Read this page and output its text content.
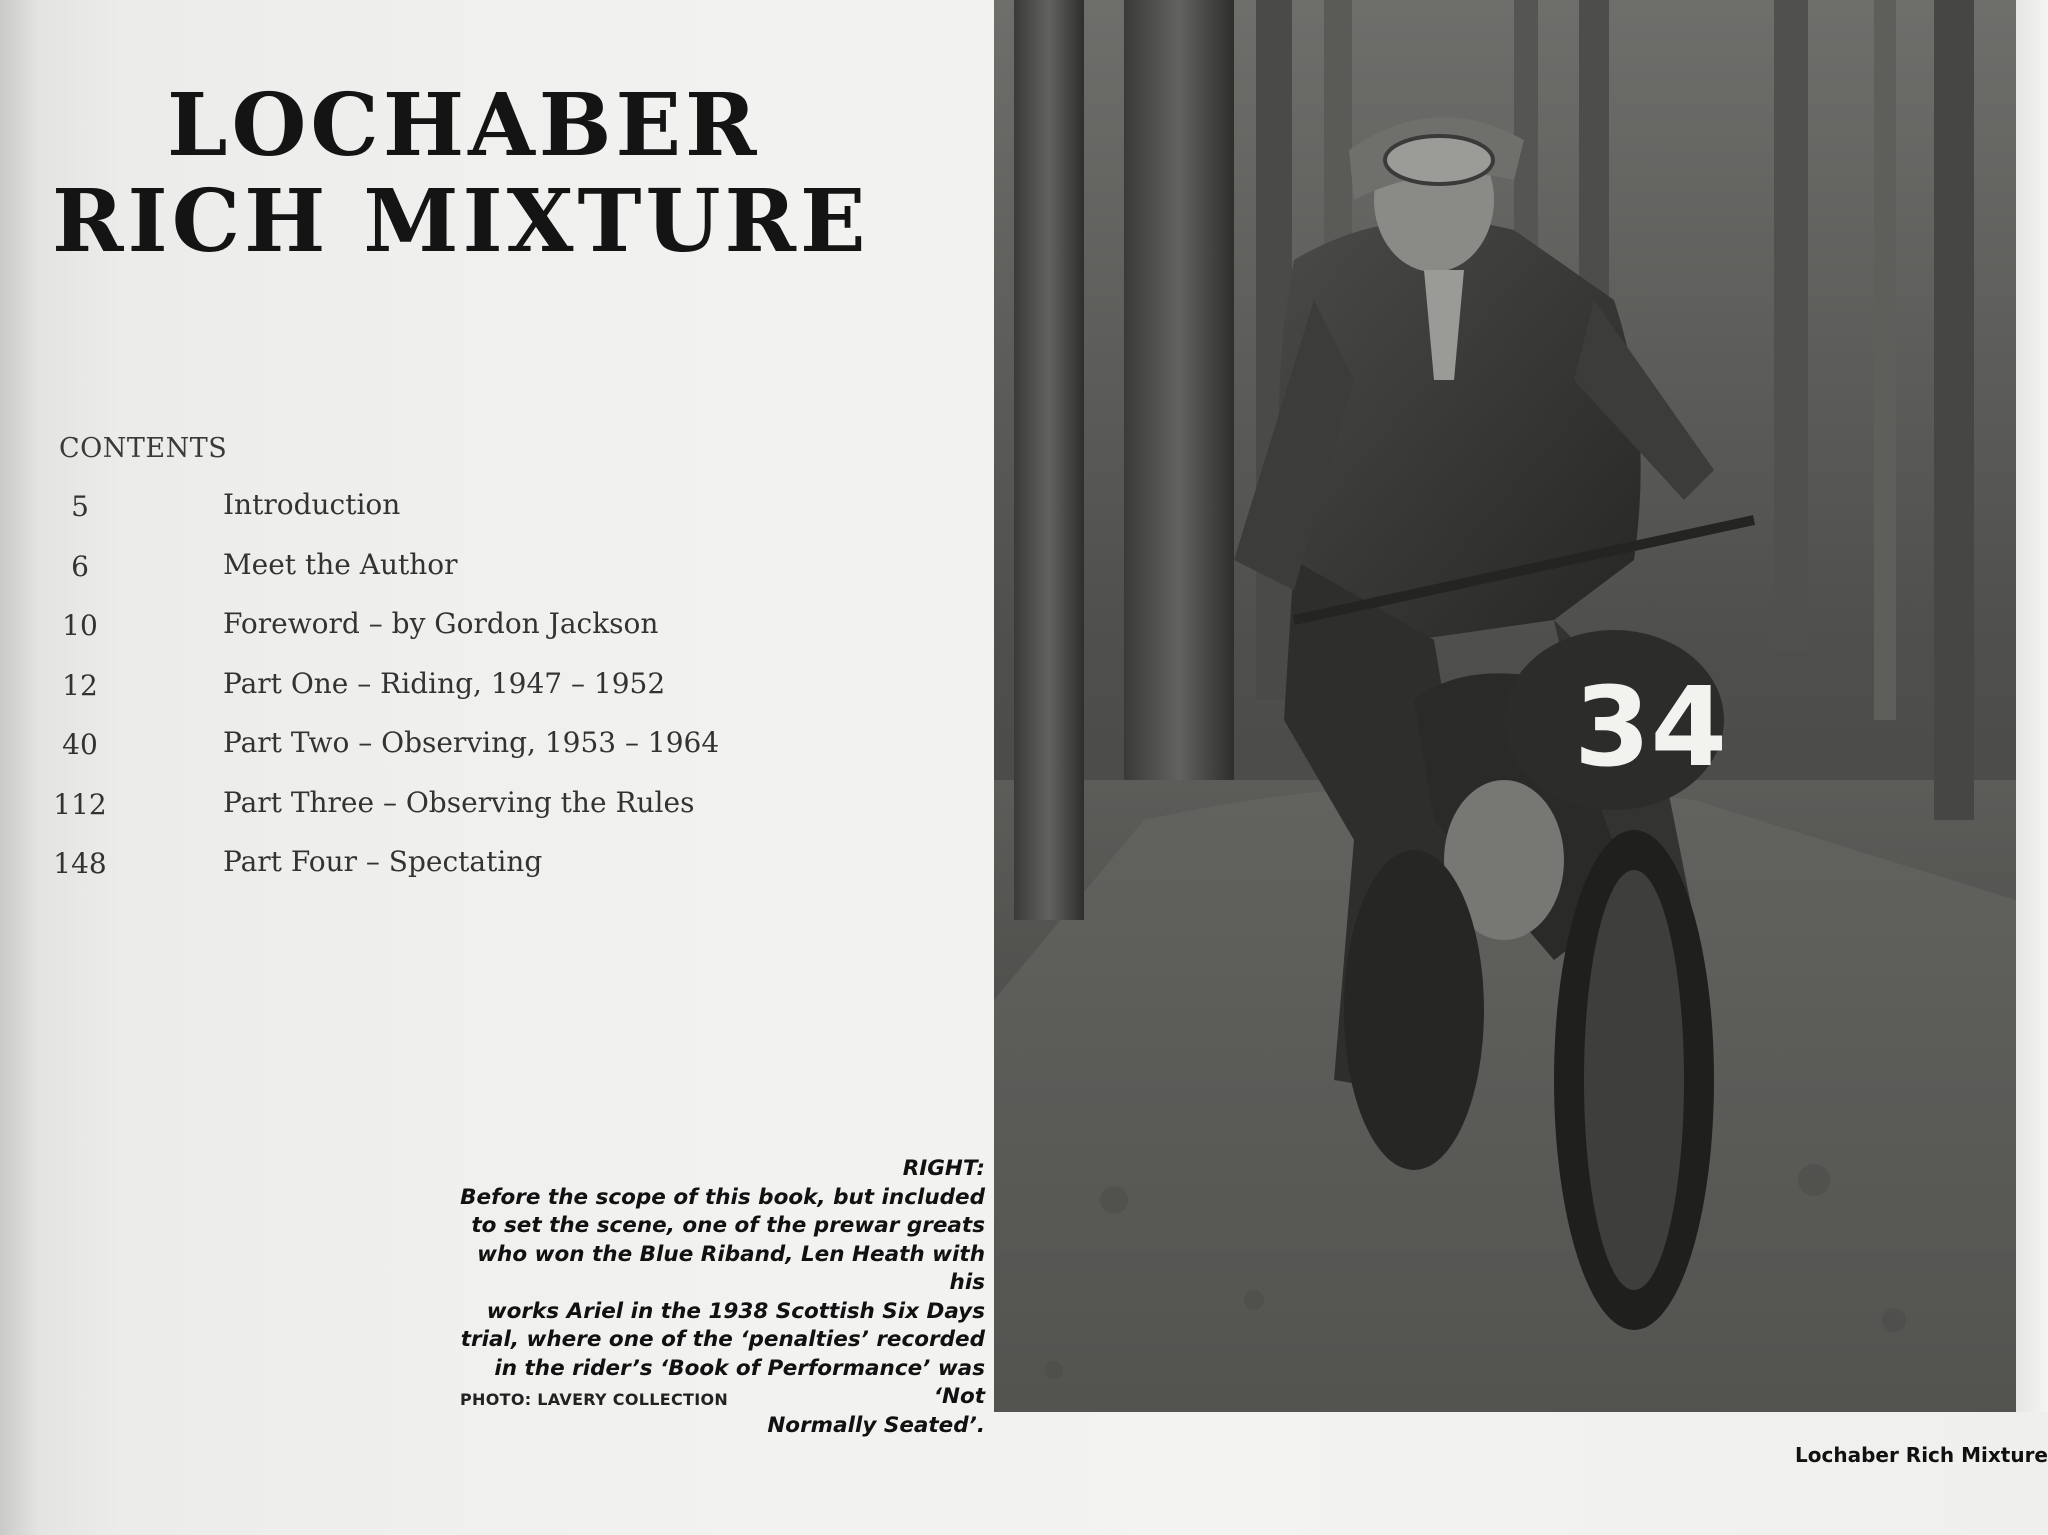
LOCHABER
RICH MIXTURE
CONTENTS
5	Introduction
6	Meet the Author
10	Foreword – by Gordon Jackson
12	Part One – Riding, 1947 – 1952
40	Part Two – Observing, 1953 – 1964
112	Part Three – Observing the Rules
148	Part Four – Spectating
34
RIGHT:
Before the scope of this book, but included
to set the scene, one of the prewar greats
who won the Blue Riband, Len Heath with his
works Ariel in the 1938 Scottish Six Days
trial, where one of the ‘penalties’ recorded
in the rider’s ‘Book of Performance’ was ‘Not
Normally Seated’.
PHOTO: LAVERY COLLECTION
Lochaber Rich Mixture
